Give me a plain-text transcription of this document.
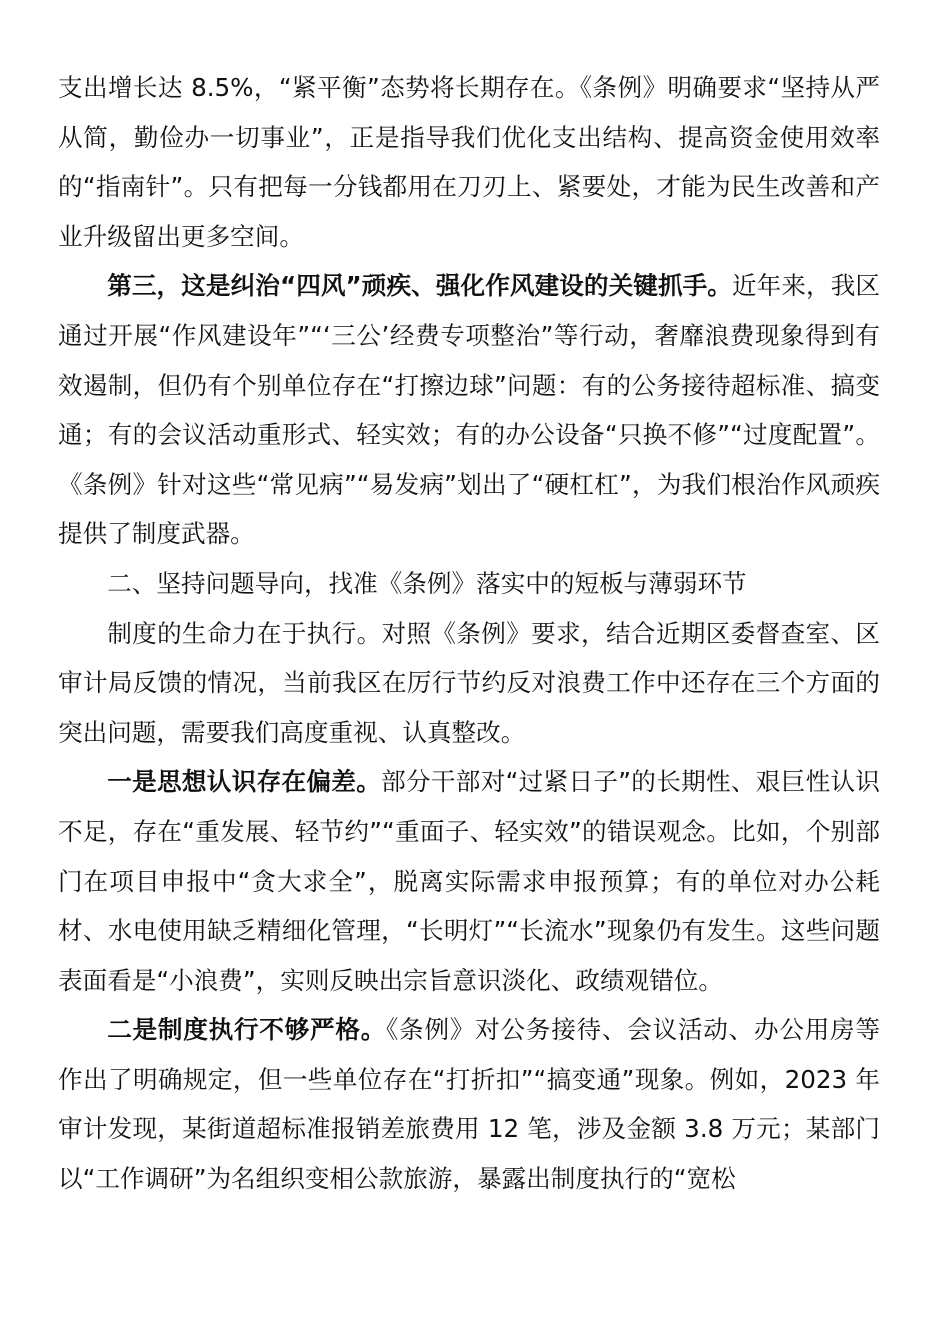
支出增长达 8.5%，“紧平衡”态势将长期存在。《条例》明确要求“坚持从严从简，勤俭办一切事业”，正是指导我们优化支出结构、提高资金使用效率的“指南针”。只有把每一分钱都用在刀刃上、紧要处，才能为民生改善和产业升级留出更多空间。

第三，这是纠治“四风”顽疾、强化作风建设的关键抓手。近年来，我区通过开展“作风建设年”“‘三公’经费专项整治”等行动，奢靡浪费现象得到有效遏制，但仍有个别单位存在“打擦边球”问题：有的公务接待超标准、搞变通；有的会议活动重形式、轻实效；有的办公设备“只换不修”“过度配置”。《条例》针对这些“常见病”“易发病”划出了“硬杠杠”，为我们根治作风顽疾提供了制度武器。

二、坚持问题导向，找准《条例》落实中的短板与薄弱环节

制度的生命力在于执行。对照《条例》要求，结合近期区委督查室、区审计局反馈的情况，当前我区在厉行节约反对浪费工作中还存在三个方面的突出问题，需要我们高度重视、认真整改。

一是思想认识存在偏差。部分干部对“过紧日子”的长期性、艰巨性认识不足，存在“重发展、轻节约”“重面子、轻实效”的错误观念。比如，个别部门在项目申报中“贪大求全”，脱离实际需求申报预算；有的单位对办公耗材、水电使用缺乏精细化管理，“长明灯”“长流水”现象仍有发生。这些问题表面看是“小浪费”，实则反映出宗旨意识淡化、政绩观错位。

二是制度执行不够严格。《条例》对公务接待、会议活动、办公用房等作出了明确规定，但一些单位存在“打折扣”“搞变通”现象。例如，2023 年审计发现，某街道超标准报销差旅费用 12 笔，涉及金额 3.8 万元；某部门以“工作调研”为名组织变相公款旅游，暴露出制度执行的“宽松
